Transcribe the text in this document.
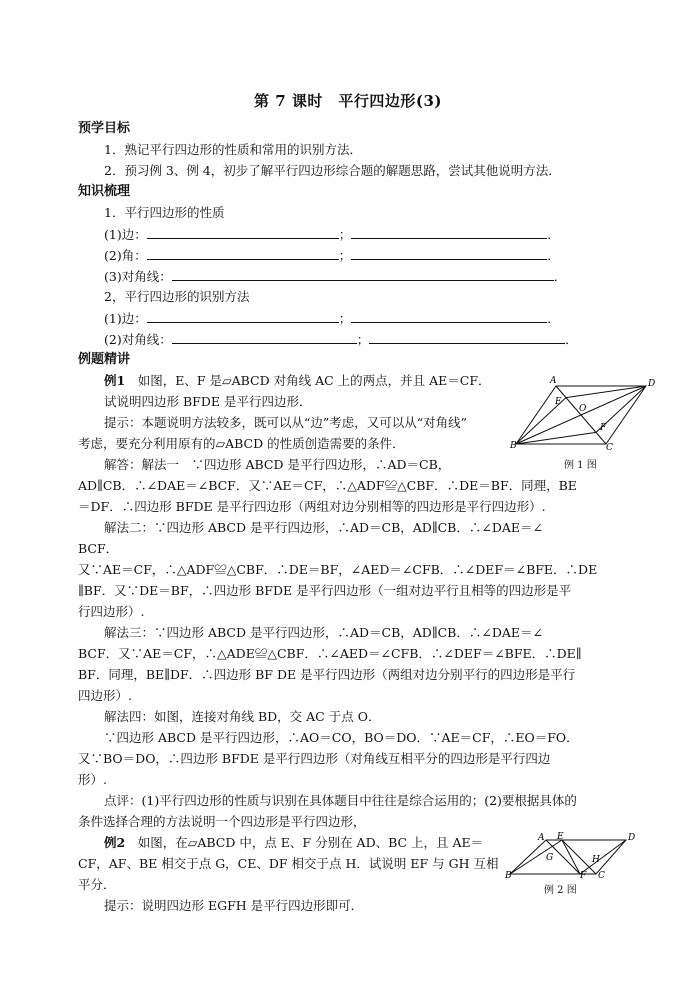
第 7 课时　平行四边形(3)
预学目标
1．熟记平行四边形的性质和常用的识别方法．
2．预习例 3、例 4，初步了解平行四边形综合题的解题思路，尝试其他说明方法．
知识梳理
1．平行四边形的性质
(1)边：	；	．
(2)角：	；	．
(3)对角线：	．
2，平行四边形的识别方法
(1)边：	；	．
(2)对角线：	；	．
例题精讲
例1　如图，E、F 是▱ABCD 对角线 AC 上的两点，并且 AE＝CF．
试说明四边形 BFDE 是平行四边形．
提示：本题说明方法较多，既可以从“边”考虑，又可以从“对角线”
考虑，要充分利用原有的▱ABCD 的性质创造需要的条件．
解答：解法一　∵四边形 ABCD 是平行四边形，∴AD＝CB，
AD∥CB．∴∠DAE＝∠BCF．又∵AE＝CF，∴△ADF≌△CBF．∴DE＝BF．同理，BE
＝DF．∴四边形 BFDE 是平行四边形（两组对边分别相等的四边形是平行四边形）.
解法二：∵四边形 ABCD 是平行四边形，∴AD＝CB，AD∥CB．∴∠DAE＝∠
BCF．
又∵AE＝CF，∴△ADF≌△CBF．∴DE＝BF，∠AED＝∠CFB．∴∠DEF＝∠BFE．∴DE
∥BF．又∵DE＝BF，∴四边形 BFDE 是平行四边形（一组对边平行且相等的四边形是平
行四边形）.
解法三：∵四边形 ABCD 是平行四边形，∴AD＝CB，AD∥CB．∴∠DAE＝∠
BCF．又∵AE＝CF，∴△ADE≌△CBF．∴∠AED＝∠CFB．∴∠DEF＝∠BFE．∴DE∥
BF．同理，BE∥DF．∴四边形 BF DE 是平行四边形（两组对边分别平行的四边形是平行
四边形）.
解法四：如图，连接对角线 BD，交 AC 于点 O．
∵四边形 ABCD 是平行四边形，∴AO＝CO，BO＝DO．∵AE＝CF，∴EO＝FO．
又∵BO＝DO，∴四边形 BFDE 是平行四边形（对角线互相平分的四边形是平行四边
形）.
点评：(1)平行四边形的性质与识别在具体题目中往往是综合运用的；(2)要根据具体的
条件选择合理的方法说明一个四边形是平行四边形，
例2　如图，在▱ABCD 中，点 E、F 分别在 AD、BC 上，且 AE＝
CF，AF、BE 相交于点 G，CE、DF 相交于点 H．试说明 EF 与 GH 互相
平分．
提示：说明四边形 EGFH 是平行四边形即可．
A	D
E
O
F
B	C
例 1 图
A E	D
G	H
B	F C
例 2 图
